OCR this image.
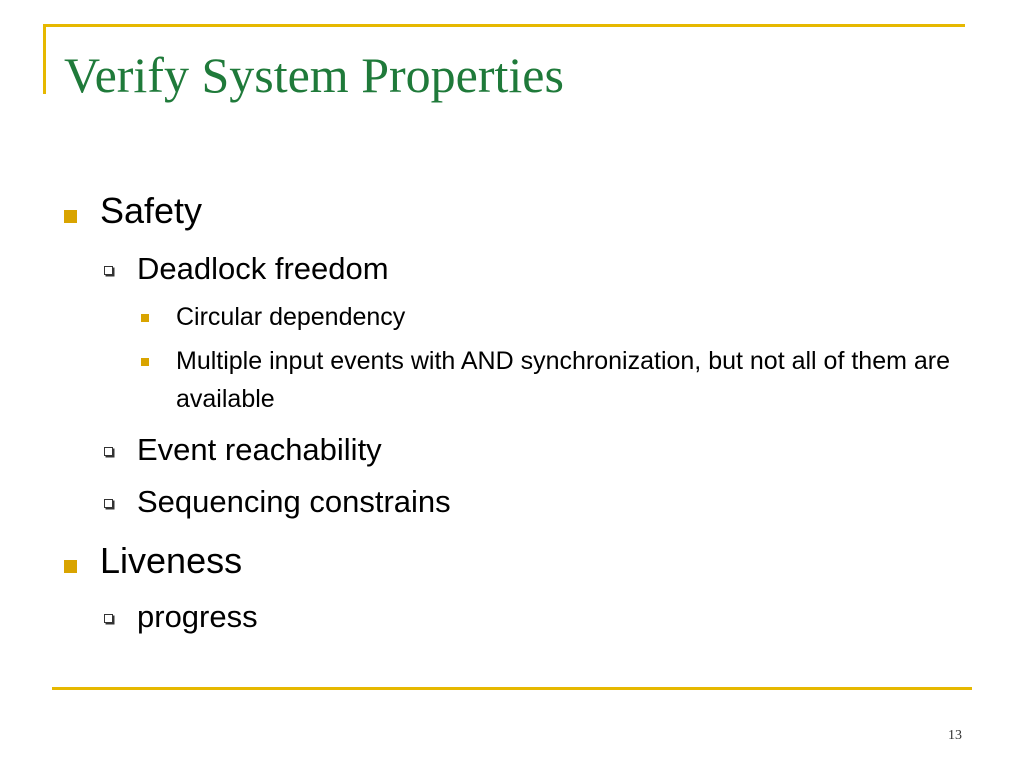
Verify System Properties
Safety
Deadlock freedom
Circular dependency
Multiple input events with AND synchronization, but not all of them are available
Event reachability
Sequencing constrains
Liveness
progress
13
